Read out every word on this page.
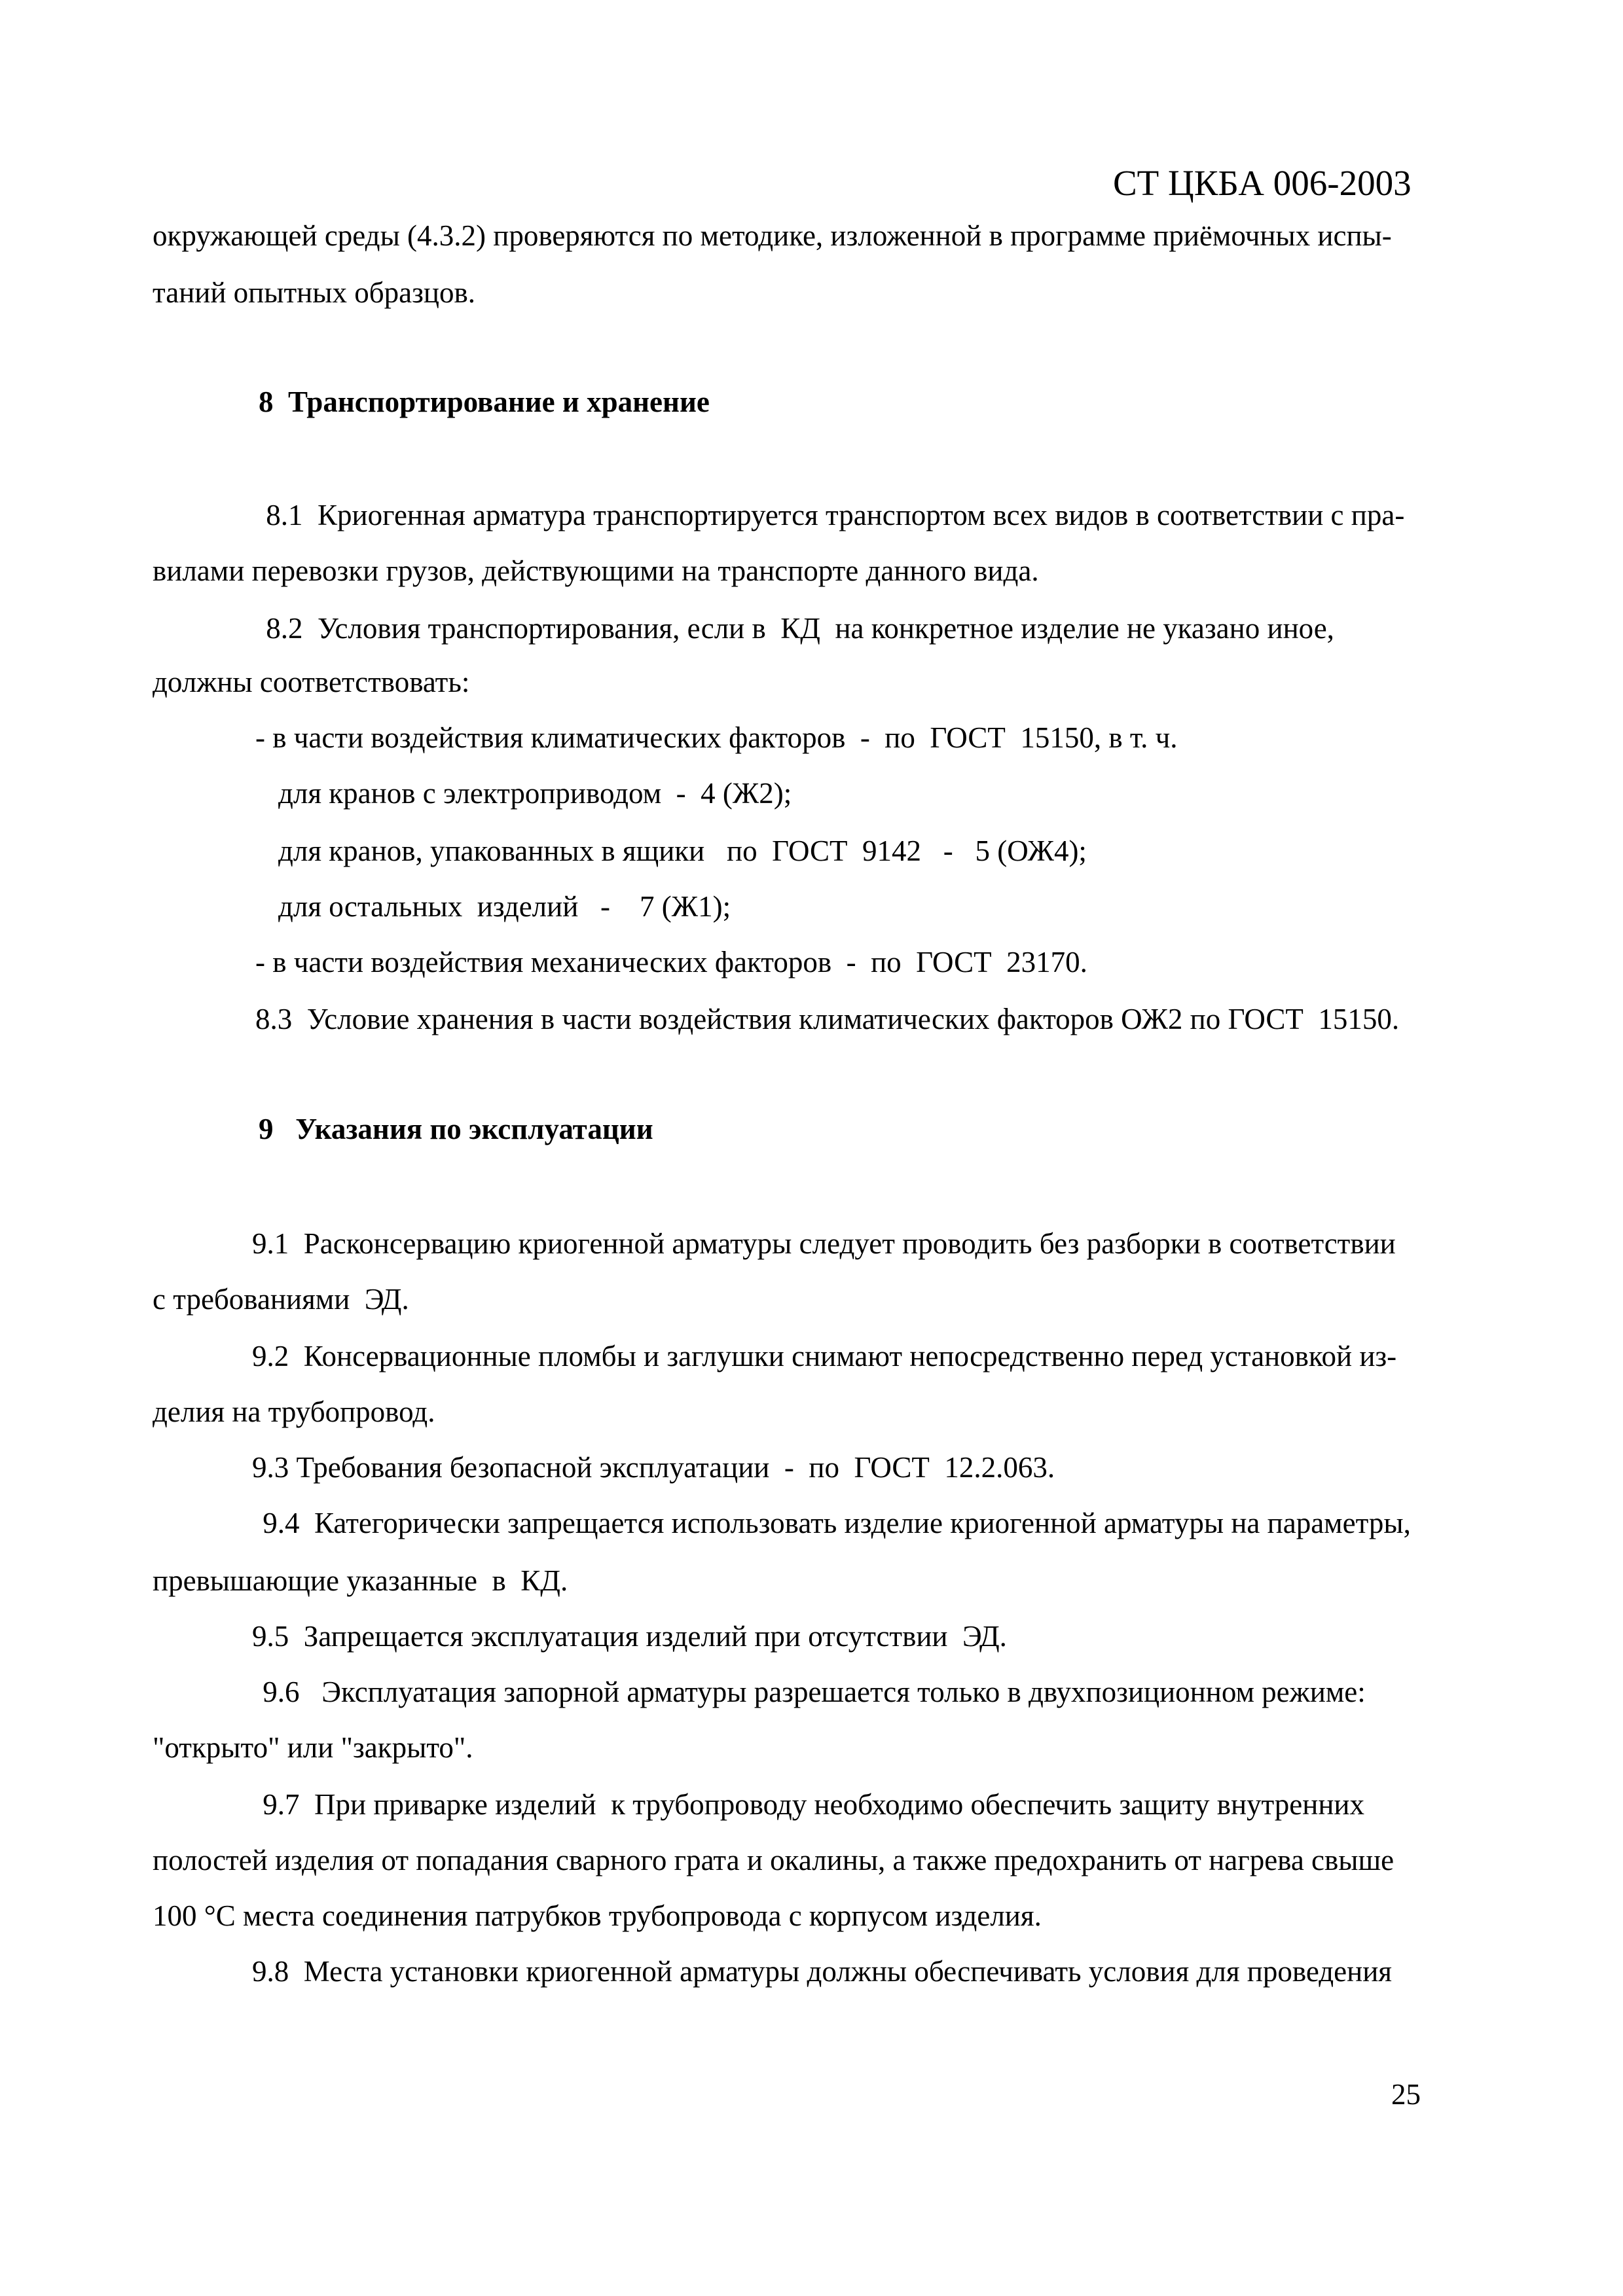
СТ ЦКБА 006-2003
окружающей среды (4.3.2) проверяются по методике, изложенной в программе приёмочных испы-
таний опытных образцов.
8  Транспортирование и хранение
8.1  Криогенная арматура транспортируется транспортом всех видов в соответствии с пра-
вилами перевозки грузов, действующими на транспорте данного вида.
8.2  Условия транспортирования, если в  КД  на конкретное изделие не указано иное,
должны соответствовать:
- в части воздействия климатических факторов  -  по  ГОСТ  15150, в т. ч.
для кранов с электроприводом  -  4 (Ж2);
для кранов, упакованных в ящики   по  ГОСТ  9142   -   5 (ОЖ4);
для остальных  изделий   -    7 (Ж1);
- в части воздействия механических факторов  -  по  ГОСТ  23170.
8.3  Условие хранения в части воздействия климатических факторов ОЖ2 по ГОСТ  15150.
9   Указания по эксплуатации
9.1  Расконсервацию криогенной арматуры следует проводить без разборки в соответствии
с требованиями  ЭД.
9.2  Консервационные пломбы и заглушки снимают непосредственно перед установкой из-
делия на трубопровод.
9.3 Требования безопасной эксплуатации  -  по  ГОСТ  12.2.063.
9.4  Категорически запрещается использовать изделие криогенной арматуры на параметры,
превышающие указанные  в  КД.
9.5  Запрещается эксплуатация изделий при отсутствии  ЭД.
9.6   Эксплуатация запорной арматуры разрешается только в двухпозиционном режиме:
"открыто" или "закрыто".
9.7  При приварке изделий  к трубопроводу необходимо обеспечить защиту внутренних
полостей изделия от попадания сварного грата и окалины, а также предохранить от нагрева свыше
100 °С места соединения патрубков трубопровода с корпусом изделия.
9.8  Места установки криогенной арматуры должны обеспечивать условия для проведения
25
